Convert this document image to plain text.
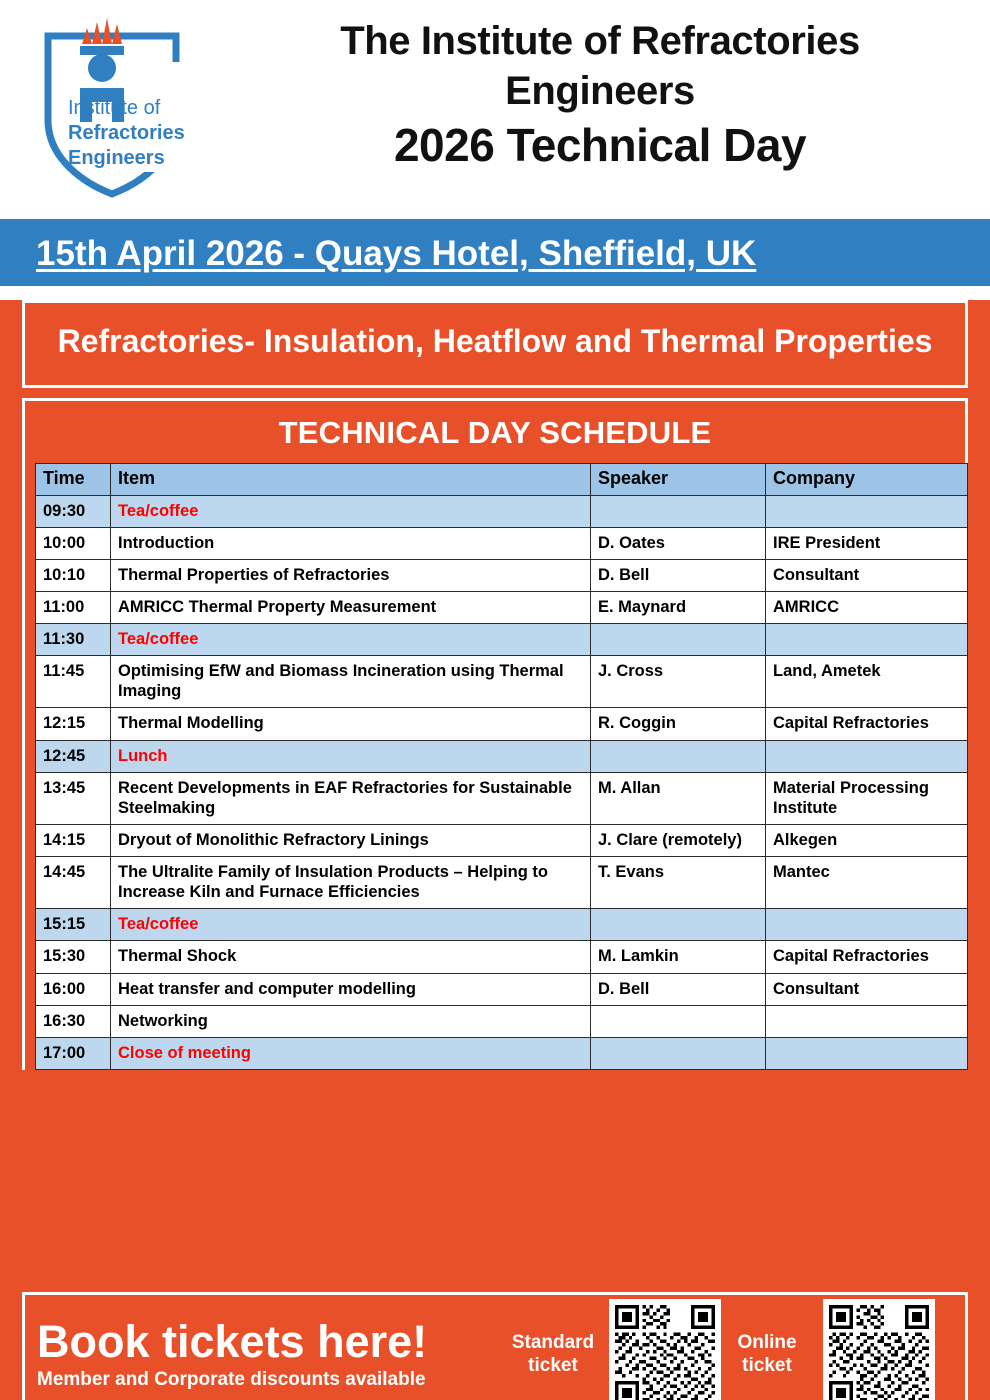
Institute of
Refractories
Engineers
The Institute of Refractories Engineers
2026 Technical Day
15th April 2026 - Quays Hotel, Sheffield, UK
Refractories- Insulation, Heatflow and Thermal Properties
TECHNICAL DAY SCHEDULE
Time	Item	Speaker	Company
09:30	Tea/coffee		
10:00	Introduction	D. Oates	IRE President
10:10	Thermal Properties of Refractories	D. Bell	Consultant
11:00	AMRICC Thermal Property Measurement	E. Maynard	AMRICC
11:30	Tea/coffee		
11:45	Optimising EfW and Biomass Incineration using Thermal Imaging	J. Cross	Land, Ametek
12:15	Thermal Modelling	R. Coggin	Capital Refractories
12:45	Lunch		
13:45	Recent Developments in EAF Refractories for Sustainable Steelmaking	M. Allan	Material Processing Institute
14:15	Dryout of Monolithic Refractory Linings	J. Clare (remotely)	Alkegen
14:45	The Ultralite Family of Insulation Products – Helping to Increase Kiln and Furnace Efficiencies	T. Evans	Mantec
15:15	Tea/coffee		
15:30	Thermal Shock	M. Lamkin	Capital Refractories
16:00	Heat transfer and computer modelling	D. Bell	Consultant
16:30	Networking		
17:00	Close of meeting		
Book tickets here!
Member and Corporate discounts available
Standard ticket
Online ticket
